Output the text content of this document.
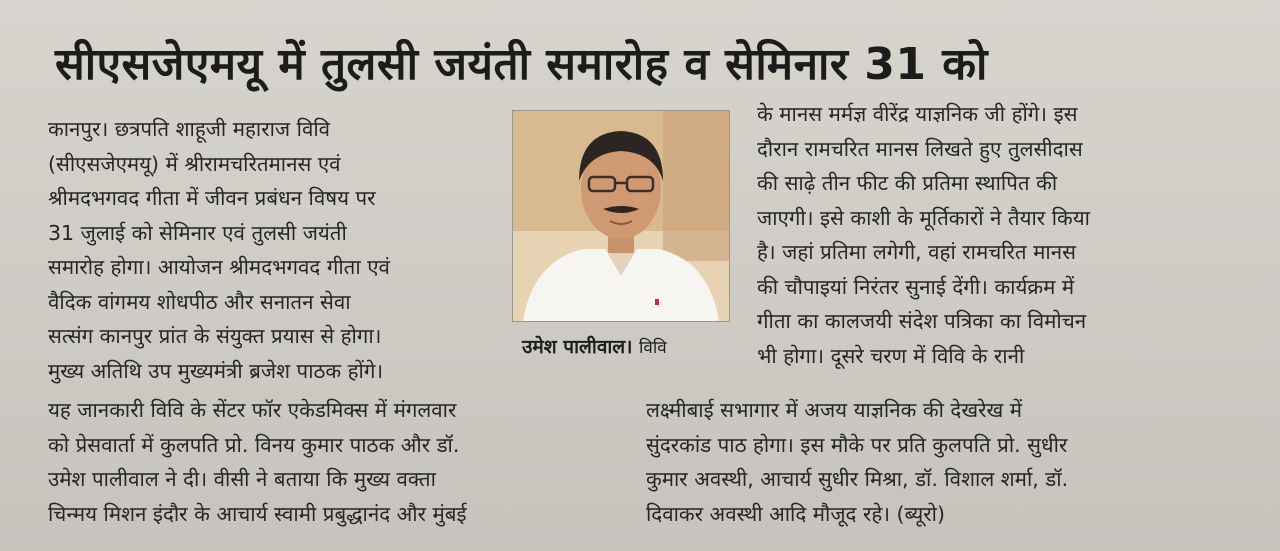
सीएसजेएमयू में तुलसी जयंती समारोह व सेमिनार 31 को
कानपुर। छत्रपति शाहूजी महाराज विवि
(सीएसजेएमयू) में श्रीरामचरितमानस एवं
श्रीमदभगवद गीता में जीवन प्रबंधन विषय पर
31 जुलाई को सेमिनार एवं तुलसी जयंती
समारोह होगा। आयोजन श्रीमदभगवद गीता एवं
वैदिक वांगमय शोधपीठ और सनातन सेवा
सत्संग कानपुर प्रांत के संयुक्त प्रयास से होगा।
मुख्य अतिथि उप मुख्यमंत्री ब्रजेश पाठक होंगे।
उमेश पालीवाल। विवि
यह जानकारी विवि के सेंटर फॉर एकेडमिक्स में मंगलवार
को प्रेसवार्ता में कुलपति प्रो. विनय कुमार पाठक और डॉ.
उमेश पालीवाल ने दी। वीसी ने बताया कि मुख्य वक्ता
चिन्मय मिशन इंदौर के आचार्य स्वामी प्रबुद्धानंद और मुंबई
के मानस मर्मज्ञ वीरेंद्र याज्ञनिक जी होंगे। इस
दौरान रामचरित मानस लिखते हुए तुलसीदास
की साढ़े तीन फीट की प्रतिमा स्थापित की
जाएगी। इसे काशी के मूर्तिकारों ने तैयार किया
है। जहां प्रतिमा लगेगी, वहां रामचरित मानस
की चौपाइयां निरंतर सुनाई देंगी। कार्यक्रम में
गीता का कालजयी संदेश पत्रिका का विमोचन
भी होगा। दूसरे चरण में विवि के रानी
लक्ष्मीबाई सभागार में अजय याज्ञनिक की देखरेख में
सुंदरकांड पाठ होगा। इस मौके पर प्रति कुलपति प्रो. सुधीर
कुमार अवस्थी, आचार्य सुधीर मिश्रा, डॉ. विशाल शर्मा, डॉ.
दिवाकर अवस्थी आदि मौजूद रहे। (ब्यूरो)
